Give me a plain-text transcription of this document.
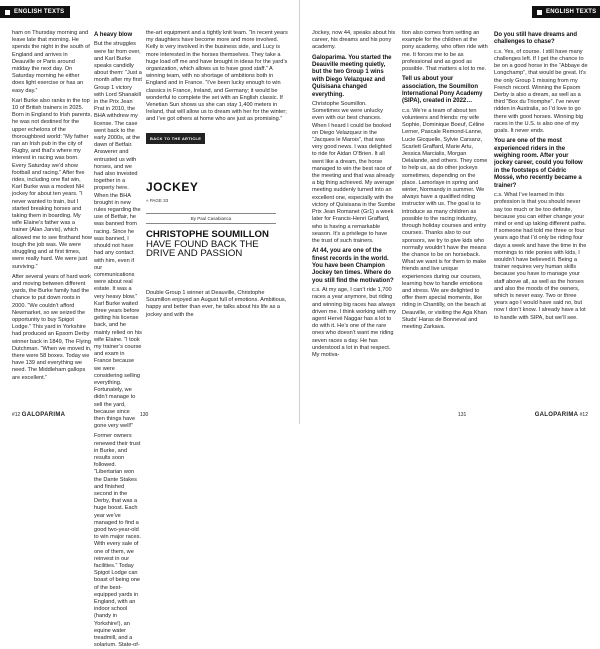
ENGLISH TEXTS

ham on Thursday morning and leave late that morning. He spends the night in the south of England and arrives in Deauville or Paris around midday the next day. On Saturday morning he either does light exercise or has an easy day.”

Karl Burke also ranks in the top 10 of British trainers in 2025. Born in England to Irish parents, he was not destined for the upper echelons of the thoroughbred world: “My father ran an Irish pub in the city of Rugby, and that’s where my interest in racing was born. Every Saturday we’d show football and racing.” After five rides, including one flat win, Karl Burke was a modest NH jockey for about ten years. “I never wanted to train, but I started breaking horses and taking them in boarding. My wife Elaine’s father was a trainer (Alan Jarvis), which allowed me to see firsthand how tough the job was. We were struggling and at first times, were really hard. We were just surviving.”

After several years of hard work and moving between different yards, the Burke family had the chance to put down roots in 2000. “We couldn’t afford Newmarket, so we seized the opportunity to buy Spigot Lodge.” This yard in Yorkshire had produced an Epsom Derby winner back in 1849, The Flying Dutchman. “When we moved in, there were 58 boxes. Today we have 139 and everything we need. The Middleham gallops are excellent.”

A heavy blow

But the struggles were far from over, and Karl Burke speaks candidly about them: “Just a month after my first Group 1 victory with Lord Shanakill in the Prix Jean Prat in 2010, the BHA withdrew my license. The case went back to the early 2000s, at the dawn of Betfair. Answerer and entrusted us with horses, and we had also invested together in a property here. When the BHA brought in new rules regarding the use of Betfair, he was banned from racing. Since he was banned, I should not have had any contact with him, even if our communications were about real estate. It was a very heavy blow.” Karl Burke waited three years before getting his license back, and he mainly relied on his wife Elaine. “I took my trainer’s course and exam in France because we were considering selling everything. Fortunately, we didn’t manage to sell the yard, because since then things have gone very well!”

Former owners renewed their trust in Burke, and results soon followed. “Libertarian won the Dante Stakes and finished second in the Derby, that was a huge boost. Each year we’ve managed to find a good two-year-old to win major races. With every sale of one of them, we reinvest in our facilities.” Today Spigot Lodge can boast of being one of the best-equipped yards in England, with an indoor school (handy in Yorkshire!), an equine water treadmill, and a solarium. State-of-

the-art equipment and a tightly knit team. “In recent years my daughters have become more and more involved. Kelly is very involved in the business side, and Lucy is more interested in the horses themselves. They take a huge load off me and have brought in ideas for the yard’s organization, which allows us to have good staff.” A winning team, with no shortage of ambitions both in England and in France. “I’ve been lucky enough to win classics in France, Ireland, and Germany; it would be wonderful to complete the set with an English classic. If Venetian Sun shows us she can stay 1,400 meters in Ireland, that will allow us to dream with her for the winter; and I’ve got others at home who are just as promising.”

BACK TO THE ARTICLE
JOCKEY
» PAGE 33
By Paul Casabianca
CHRISTOPHE SOUMILLON
HAVE FOUND BACK THE DRIVE AND PASSION

Double Group 1 winner at Deauville, Christophe Soumillon enjoyed an August full of emotions. Ambitious, happy and better than ever, he talks about his life as a jockey and with the

#12
GALOPARIMA	130
ENGLISH TEXTS

Jockey, now 44, speaks about his career, his dreams and his pony academy.

Galoparima. You started the Deauville meeting quietly, but the two Group 1 wins with Diego Velazquez and Quisisana changed everything.

Christophe Soumillon. Sometimes we were unlucky even with our best chances. When I heard I could be booked on Diego Velazquez in the “Jacques le Marois”, that was very good news. I was delighted to ride for Aidan O’Brien. It all went like a dream, the horse managed to win the best race of the meeting and that was already a big thing achieved. My average meeting suddenly turned into an excellent one, especially with the victory of Quisisana in the Sumbe Prix Jean Romanet (Gr1) a week later for Francis-Henri Graffard, who is having a remarkable season. It’s a privilege to have the trust of such trainers.

At 44, you are one of the finest records in the world. You have been Champion Jockey ten times. Where do you still find the motivation?

c.s. At my age, I can’t ride 1,700 races a year anymore, but riding and winning big races has always driven me. I think working with my agent Hervé Naggar has a lot to do with it. He’s one of the rare ones who doesn’t want me riding seven races a day. He has understood a lot in that respect. My motiva-

tion also comes from setting an example for the children at the pony academy, who often ride with me. It forces me to be as professional and as good as possible. That matters a lot to me.

Tell us about your association, the Soumillon International Pony Academy (SIPA), created in 2022…

c.s. We’re a team of about ten volunteers and friends: my wife Sophie, Dominique Boeuf, Céline Lerner, Pascale Remond-Lanne, Lucie Gicquelle, Sylvie Carsanz, Scarlett Graffard, Marie Artu, Jessica Marcialis, Morgan Delalande, and others. They come to help us, as do other jockeys sometimes, depending on the place. Lamorlaye in spring and winter, Normandy in summer. We always have a qualified riding instructor with us. The goal is to introduce as many children as possible to the racing industry, through holiday courses and entry courses. Thanks also to our sponsors, we try to give kids who normally wouldn’t have the means the chance to be on horseback. What we want is for them to make friends and live unique experiences during our courses, learning how to handle emotions and stress. We are delighted to offer them special moments, like riding in Chantilly, on the beach at Deauville, or visiting the Aga Khan Studs’ Haras de Bonneval and meeting Zarkava.

Do you still have dreams and challenges to chase?

c.s. Yes, of course. I still have many challenges left. If I get the chance to be on a good horse in the “Abbaye de Longchamp”, that would be great. It’s the only Group 1 missing from my French record. Winning the Epsom Derby is also a dream, as well as a third “Box du Triomphe”. I’ve never ridden in Australia, so I’d love to go there with good horses. Winning big races in the U.S. is also one of my goals. It never ends.

You are one of the most experienced riders in the weighing room. After your jockey career, could you follow in the footsteps of Cédric Mossé, who recently became a trainer?

c.s. What I’ve learned in this profession is that you should never say too much or be too definite, because you can either change your mind or end up taking different paths. If someone had told me three or four years ago that I’d only be riding four days a week and have the time in the mornings to ride ponies with kids, I wouldn’t have believed it. Being a trainer requires very human skills because you have to manage your staff above all, as well as the horses and also the moods of the owners, which is never easy. Two or three years ago I would have said no, but now I don’t know. I already have a lot to handle with SIPA, but we’ll see.

131	GALOPARIMA
#12
